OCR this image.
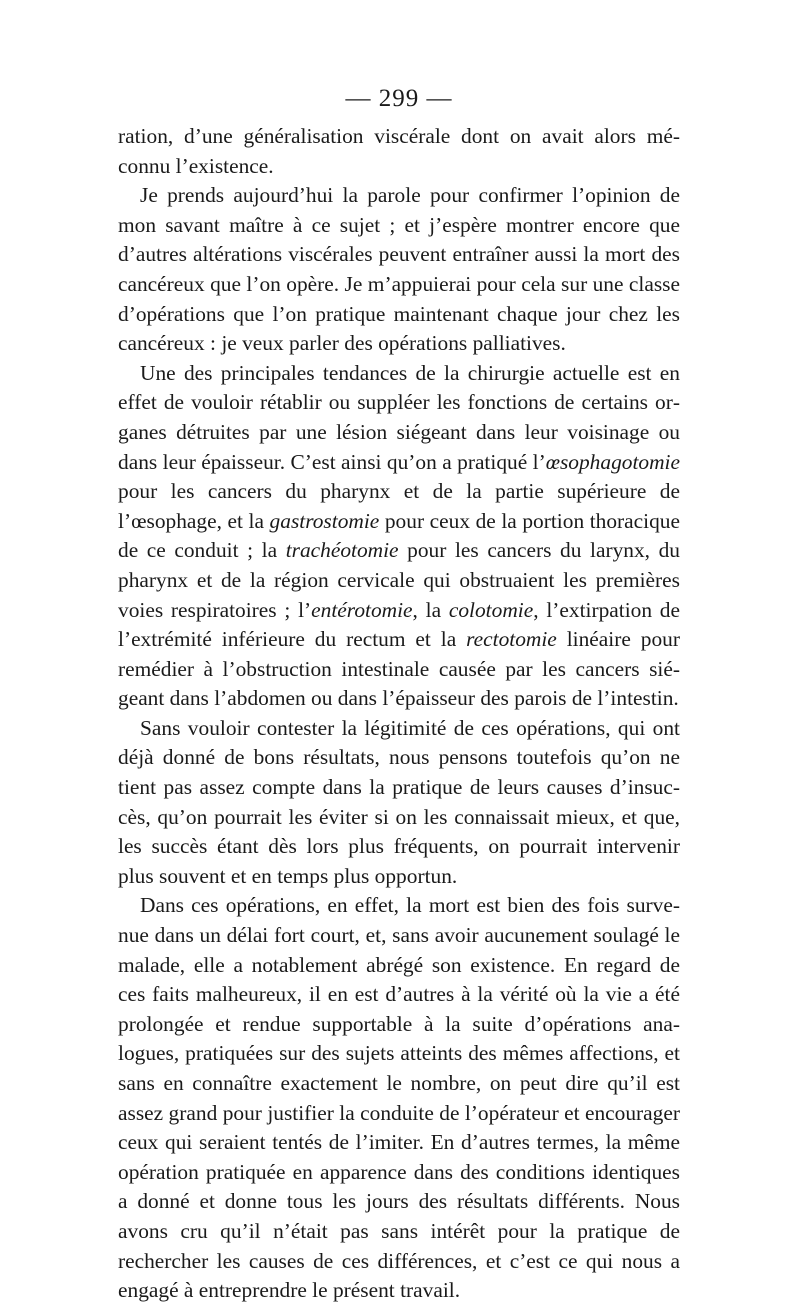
— 299 —

ration, d’une généralisation viscérale dont on avait alors méconnu l’existence.

Je prends aujourd’hui la parole pour confirmer l’opinion de mon savant maître à ce sujet ; et j’espère montrer encore que d’autres altérations viscérales peuvent entraîner aussi la mort des cancéreux que l’on opère. Je m’appuierai pour cela sur une classe d’opérations que l’on pratique maintenant chaque jour chez les cancéreux : je veux parler des opérations palliatives.

Une des principales tendances de la chirurgie actuelle est en effet de vouloir rétablir ou suppléer les fonctions de certains organes détruites par une lésion siégeant dans leur voisinage ou dans leur épaisseur. C’est ainsi qu’on a pratiqué l’œsophagotomie pour les cancers du pharynx et de la partie supérieure de l’œsophage, et la gastrostomie pour ceux de la portion thoracique de ce conduit ; la trachéotomie pour les cancers du larynx, du pharynx et de la région cervicale qui obstruaient les premières voies respiratoires ; l’entérotomie, la colotomie, l’extirpation de l’extrémité inférieure du rectum et la rectotomie linéaire pour remédier à l’obstruction intestinale causée par les cancers siégeant dans l’abdomen ou dans l’épaisseur des parois de l’intestin.

Sans vouloir contester la légitimité de ces opérations, qui ont déjà donné de bons résultats, nous pensons toutefois qu’on ne tient pas assez compte dans la pratique de leurs causes d’insuccès, qu’on pourrait les éviter si on les connaissait mieux, et que, les succès étant dès lors plus fréquents, on pourrait intervenir plus souvent et en temps plus opportun.

Dans ces opérations, en effet, la mort est bien des fois survenue dans un délai fort court, et, sans avoir aucunement soulagé le malade, elle a notablement abrégé son existence. En regard de ces faits malheureux, il en est d’autres à la vérité où la vie a été prolongée et rendue supportable à la suite d’opérations analogues, pratiquées sur des sujets atteints des mêmes affections, et sans en connaître exactement le nombre, on peut dire qu’il est assez grand pour justifier la conduite de l’opérateur et encourager ceux qui seraient tentés de l’imiter. En d’autres termes, la même opération pratiquée en apparence dans des conditions identiques a donné et donne tous les jours des résultats différents. Nous avons cru qu’il n’était pas sans intérêt pour la pratique de rechercher les causes de ces différences, et c’est ce qui nous a engagé à entreprendre le présent travail.
